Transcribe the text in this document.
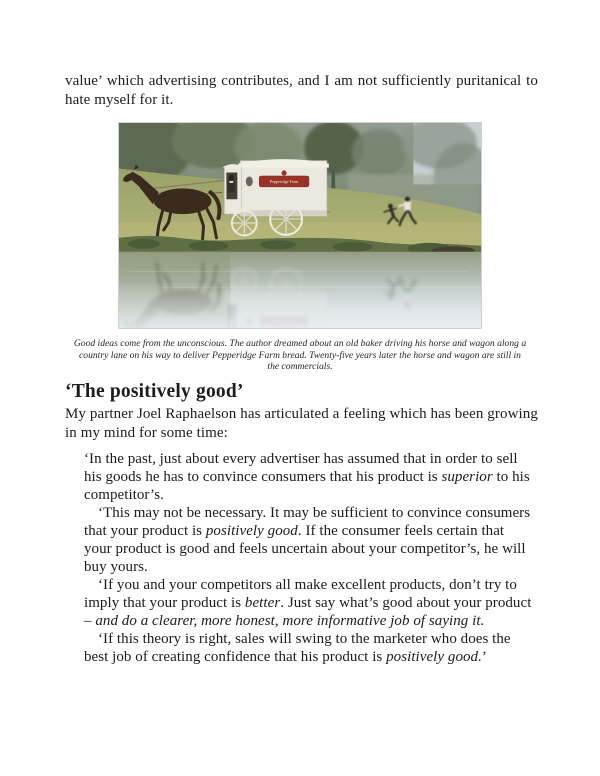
value’ which advertising contributes, and I am not sufficiently puritanical to hate myself for it.

Pepperidge Farm
Good ideas come from the unconscious. The author dreamed about an old baker driving his horse and wagon along a country lane on his way to deliver Pepperidge Farm bread. Twenty-five years later the horse and wagon are still in the commercials.
‘The positively good’

My partner Joel Raphaelson has articulated a feeling which has been growing in my mind for some time:

‘In the past, just about every advertiser has assumed that in order to sell his goods he has to convince consumers that his product is superior to his competitor’s.

‘This may not be necessary. It may be sufficient to convince consumers that your product is positively good. If the consumer feels certain that your product is good and feels uncertain about your competitor’s, he will buy yours.

‘If you and your competitors all make excellent products, don’t try to imply that your product is better. Just say what’s good about your product – and do a clearer, more honest, more informative job of saying it.

‘If this theory is right, sales will swing to the marketer who does the best job of creating confidence that his product is positively good.’
